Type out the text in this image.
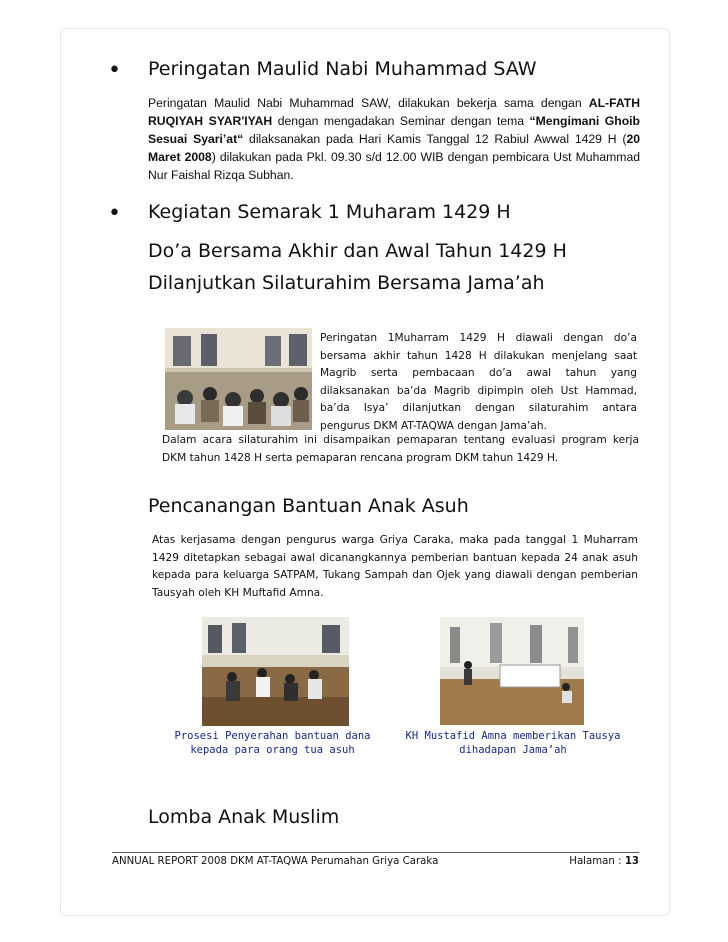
• Peringatan Maulid Nabi Muhammad SAW
Peringatan Maulid Nabi Muhammad SAW, dilakukan bekerja sama dengan AL-FATH RUQIYAH SYAR'IYAH dengan mengadakan Seminar dengan tema “Mengimani Ghoib Sesuai Syari’at“ dilaksanakan pada Hari Kamis Tanggal 12 Rabiul Awwal 1429 H (20 Maret 2008) dilakukan pada Pkl. 09.30 s/d 12.00 WIB dengan pembicara Ust Muhammad Nur Faishal Rizqa Subhan.
• Kegiatan Semarak 1 Muharam 1429 H
Do’a Bersama Akhir dan Awal Tahun 1429 H
Dilanjutkan Silaturahim Bersama Jama’ah
Peringatan 1Muharram 1429 H diawali dengan do’a bersama akhir tahun 1428 H dilakukan menjelang saat Magrib serta pembacaan do’a awal tahun yang dilaksanakan ba’da Magrib dipimpin oleh Ust Hammad, ba’da Isya’ dilanjutkan dengan silaturahim antara pengurus DKM AT-TAQWA dengan Jama’ah.
Dalam acara silaturahim ini disampaikan pemaparan tentang evaluasi program kerja DKM tahun 1428 H serta pemaparan rencana program DKM tahun 1429 H.
Pencanangan Bantuan Anak Asuh
Atas kerjasama dengan pengurus warga Griya Caraka, maka pada tanggal 1 Muharram 1429 ditetapkan sebagai awal dicanangkannya pemberian bantuan kepada 24 anak asuh kepada para keluarga SATPAM, Tukang Sampah dan Ojek yang diawali dengan pemberian Tausyah oleh KH Muftafid Amna.
Prosesi Penyerahan bantuan dana kepada para orang tua asuh
KH Mustafid Amna memberikan Tausya dihadapan Jama’ah
Lomba Anak Muslim
ANNUAL REPORT 2008 DKM AT-TAQWA Perumahan Griya Caraka	Halaman : 13
